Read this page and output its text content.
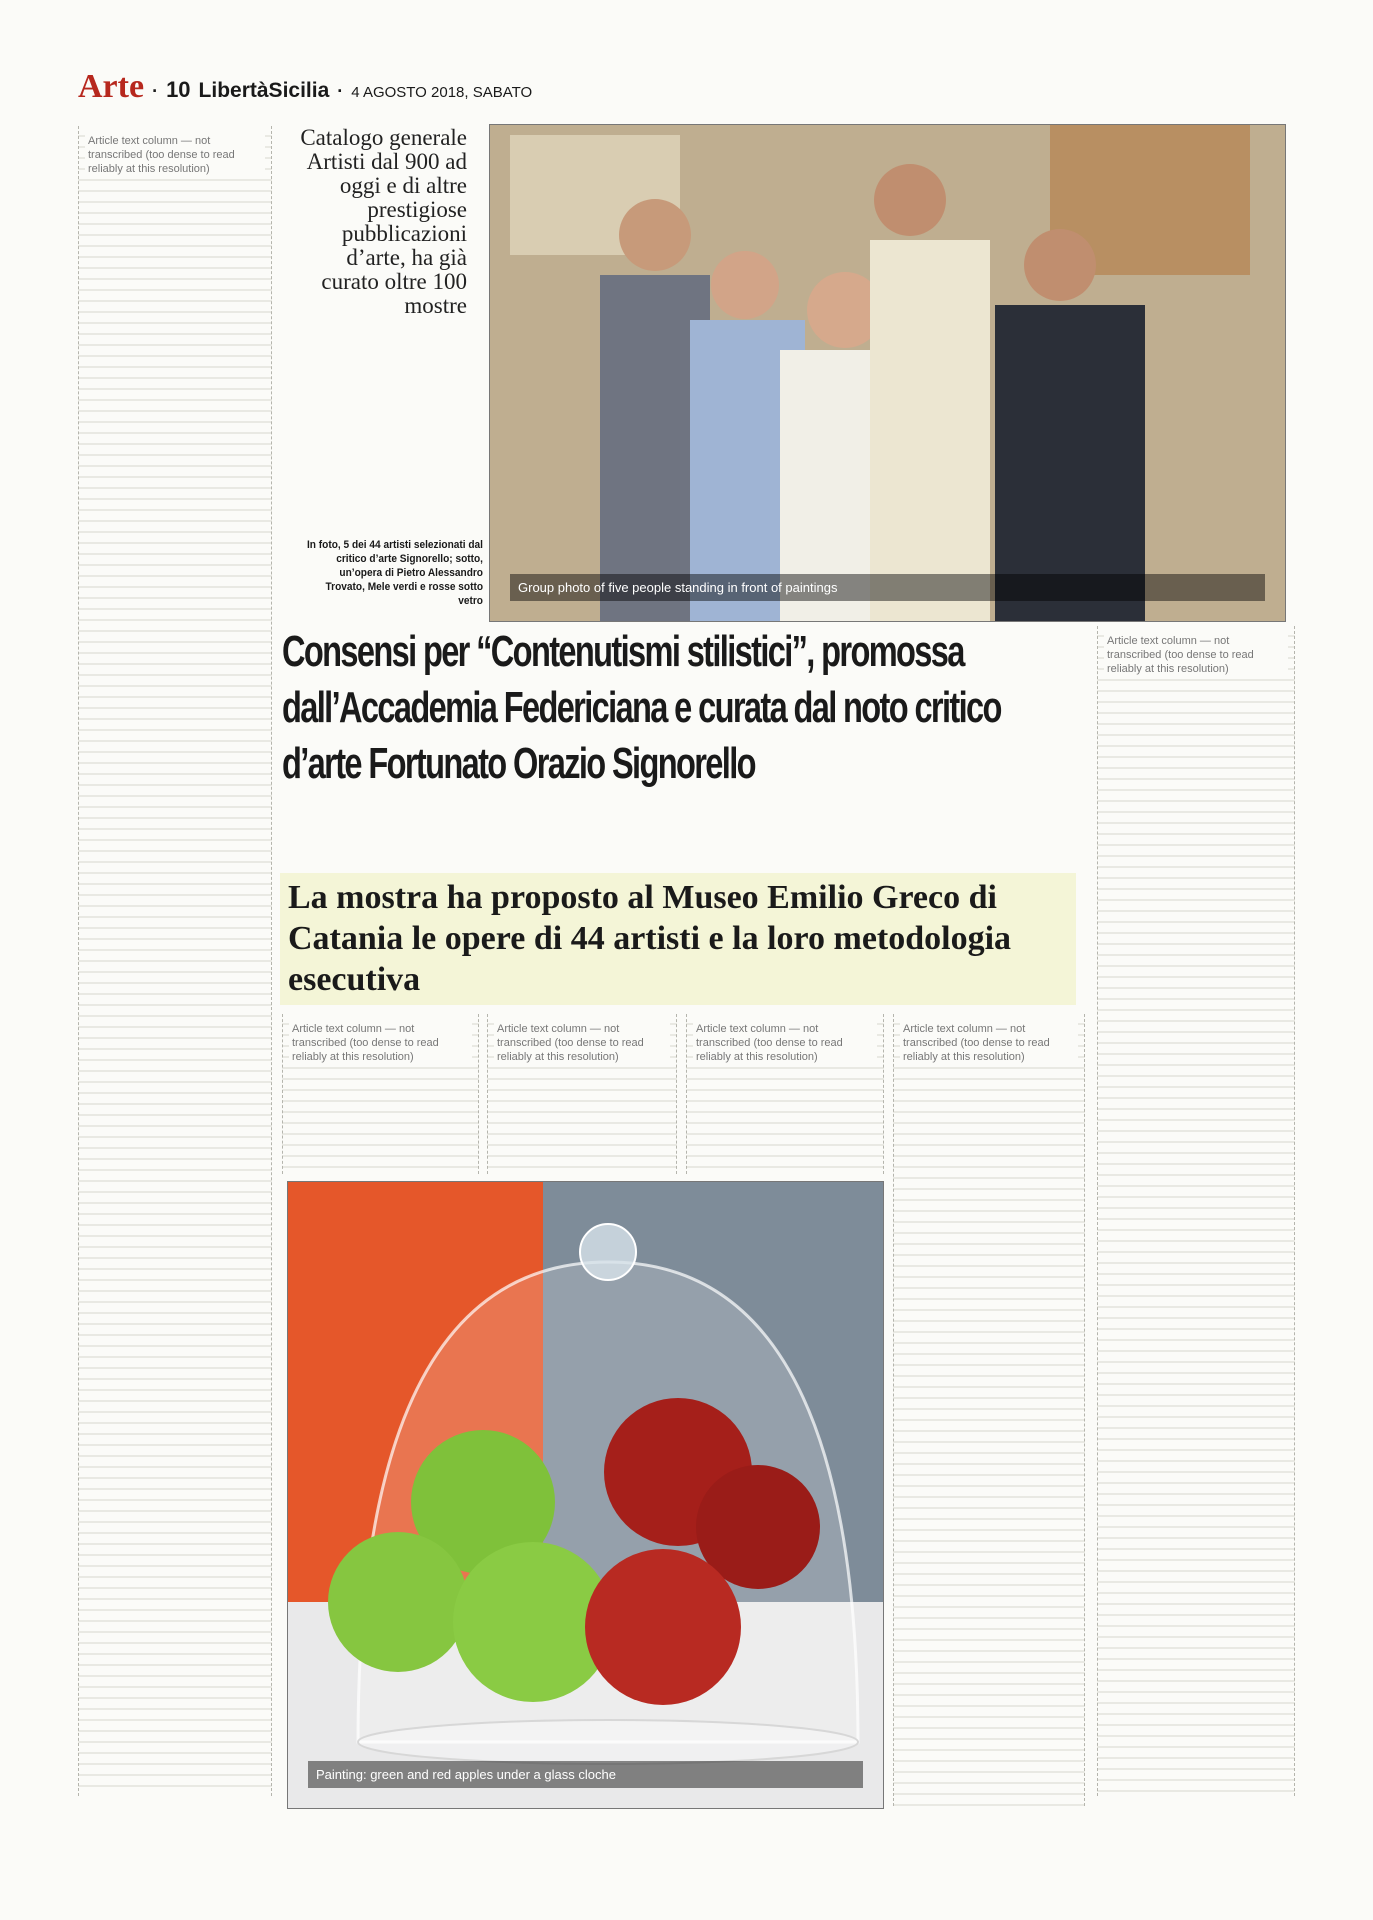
Arte · 10 LibertàSicilia · 4 AGOSTO 2018, SABATO
Article text column — not transcribed (too dense to read reliably at this resolution)
Catalogo generale Artisti dal 900 ad oggi e di altre prestigiose pubblicazioni d’arte, ha già curato oltre 100 mostre
In foto, 5 dei 44 artisti selezionati dal critico d’arte Signorello; sotto, un’opera di Pietro Alessandro Trovato, Mele verdi e rosse sotto vetro
Group photo of five people standing in front of paintings
Consensi per “Contenutismi stilistici”, promossa dall’Accademia Federiciana e curata dal noto critico d’arte Fortunato Orazio Signorello
La mostra ha proposto al Museo Emilio Greco di Catania le opere di 44 artisti e la loro metodologia esecutiva
Article text column — not transcribed (too dense to read reliably at this resolution)
Article text column — not transcribed (too dense to read reliably at this resolution)
Article text column — not transcribed (too dense to read reliably at this resolution)
Article text column — not transcribed (too dense to read reliably at this resolution)
Article text column — not transcribed (too dense to read reliably at this resolution)
Painting: green and red apples under a glass cloche
